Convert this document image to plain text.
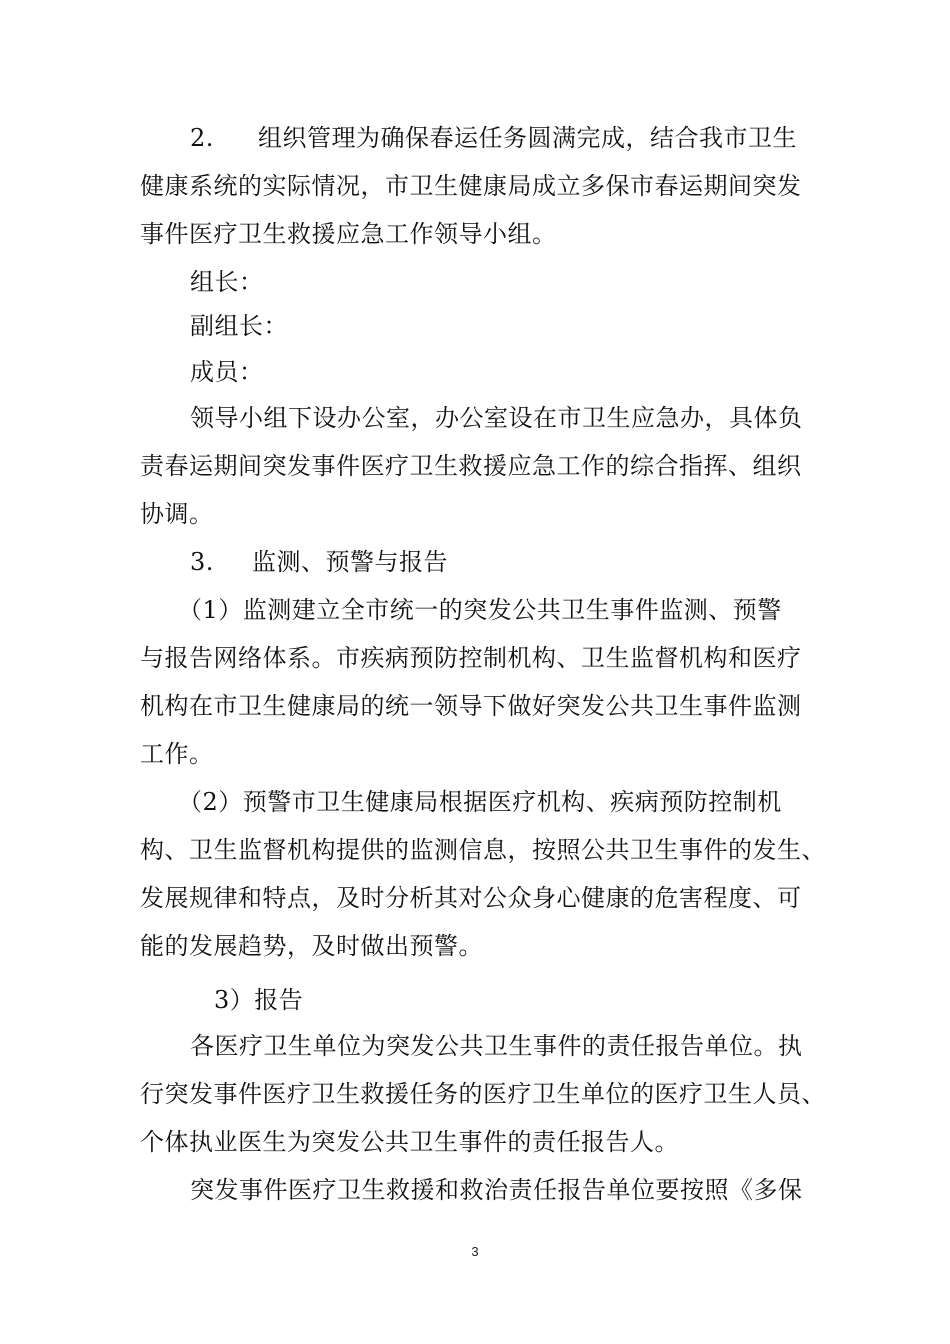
2. 组织管理为确保春运任务圆满完成，结合我市卫生
健康系统的实际情况，市卫生健康局成立多保市春运期间突发
事件医疗卫生救援应急工作领导小组。
组长：
副组长：
成员：
领导小组下设办公室，办公室设在市卫生应急办，具体负
责春运期间突发事件医疗卫生救援应急工作的综合指挥、组织
协调。
3. 监测、预警与报告
（1）监测建立全市统一的突发公共卫生事件监测、预警
与报告网络体系。市疾病预防控制机构、卫生监督机构和医疗
机构在市卫生健康局的统一领导下做好突发公共卫生事件监测
工作。
（2）预警市卫生健康局根据医疗机构、疾病预防控制机
构、卫生监督机构提供的监测信息，按照公共卫生事件的发生、
发展规律和特点，及时分析其对公众身心健康的危害程度、可
能的发展趋势，及时做出预警。
3）报告
各医疗卫生单位为突发公共卫生事件的责任报告单位。执
行突发事件医疗卫生救援任务的医疗卫生单位的医疗卫生人员、
个体执业医生为突发公共卫生事件的责任报告人。
突发事件医疗卫生救援和救治责任报告单位要按照《多保
3
